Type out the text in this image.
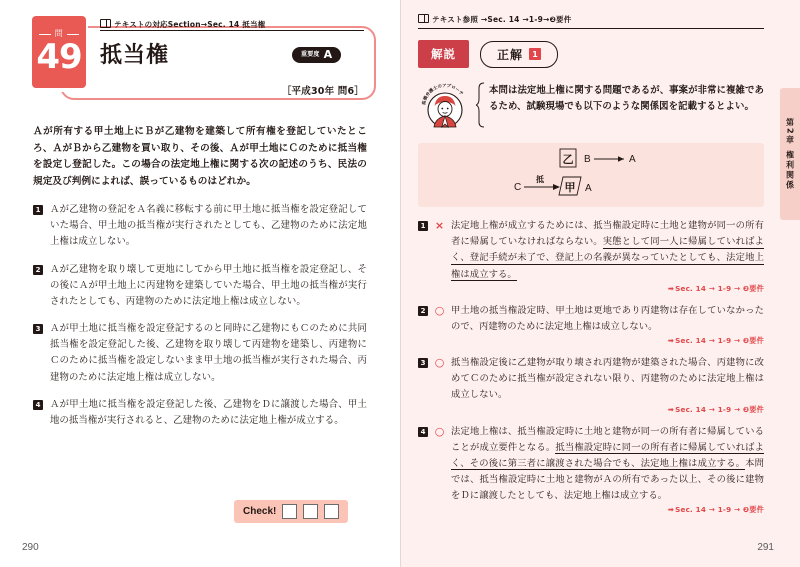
問
49
テキストの対応Section→Sec. 14 抵当権
抵当権	重要度 A
［平成30年 問6］
Ａが所有する甲土地上にＢが乙建物を建築して所有権を登記していたところ、ＡがＢから乙建物を買い取り、その後、Ａが甲土地にＣのために抵当権を設定し登記した。この場合の法定地上権に関する次の記述のうち、民法の規定及び判例によれば、誤っているものはどれか。
1 Ａが乙建物の登記をＡ名義に移転する前に甲土地に抵当権を設定登記していた場合、甲土地の抵当権が実行されたとしても、乙建物のために法定地上権は成立しない。
2 Ａが乙建物を取り壊して更地にしてから甲土地に抵当権を設定登記し、その後にＡが甲土地上に丙建物を建築していた場合、甲土地の抵当権が実行されたとしても、丙建物のために法定地上権は成立しない。
3 Ａが甲土地に抵当権を設定登記するのと同時に乙建物にもＣのために共同抵当権を設定登記した後、乙建物を取り壊して丙建物を建築し、丙建物にＣのために抵当権を設定しないまま甲土地の抵当権が実行された場合、丙建物のために法定地上権は成立しない。
4 Ａが甲土地に抵当権を設定登記した後、乙建物をＤに譲渡した場合、甲土地の抵当権が実行されると、乙建物のために法定地上権が成立する。
Check!
290
テキスト参照 →Sec. 14 →1-9→❷要件
解説	正解	1
高橋弁護士のアプローチ	本問は法定地上権に関する問題であるが、事案が非常に複雑であるため、試験現場でも以下のような関係図を記載するとよい。
乙 B	A
C
抵
甲 A
1 × 法定地上権が成立するためには、抵当権設定時に土地と建物が同一の所有者に帰属していなければならない。実態として同一人に帰属していればよく、登記手続が未了で、登記上の名義が異なっていたとしても、法定地上権は成立する。
➡Sec. 14 → 1-9 → ❷要件
2 ○ 甲土地の抵当権設定時、甲土地は更地であり丙建物は存在していなかったので、丙建物のために法定地上権は成立しない。
➡Sec. 14 → 1-9 → ❷要件
3 ○ 抵当権設定後に乙建物が取り壊され丙建物が建築された場合、丙建物に改めてＣのために抵当権が設定されない限り、丙建物のために法定地上権は成立しない。
➡Sec. 14 → 1-9 → ❷要件
4 ○ 法定地上権は、抵当権設定時に土地と建物が同一の所有者に帰属していることが成立要件となる。抵当権設定時に同一の所有者に帰属していればよく、その後に第三者に譲渡された場合でも、法定地上権は成立する。本問では、抵当権設定時に土地と建物がＡの所有であった以上、その後に建物をＤに譲渡したとしても、法定地上権は成立する。
➡Sec. 14 → 1-9 → ❷要件
第2章 権利関係
291
